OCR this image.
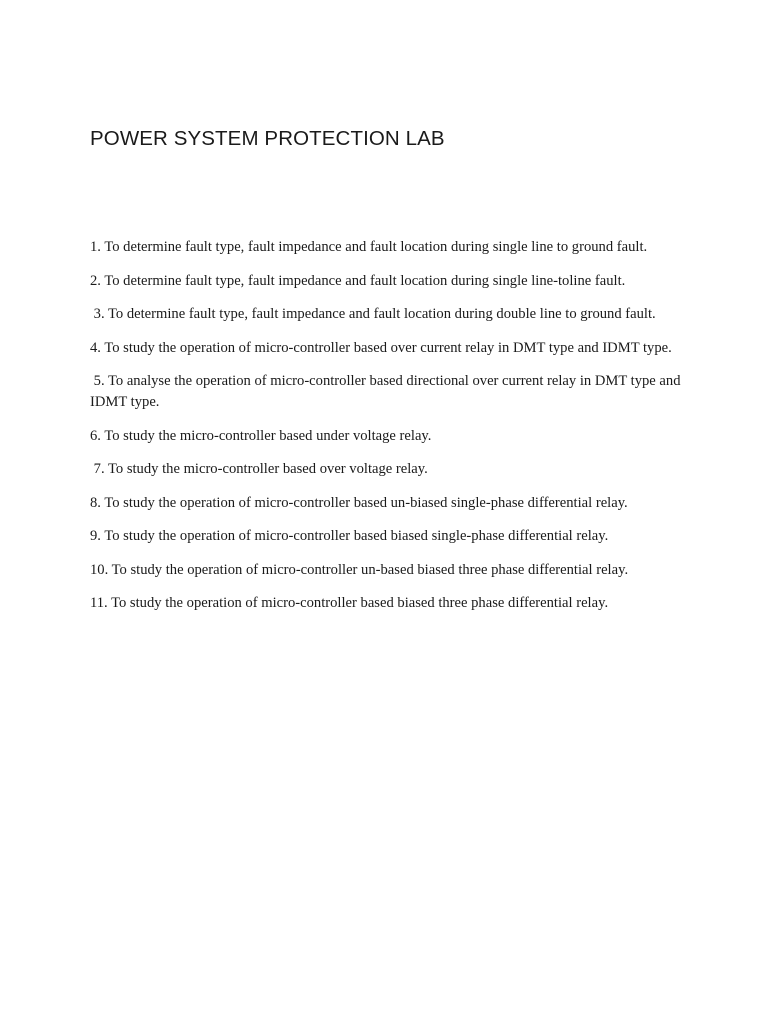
POWER SYSTEM PROTECTION LAB
1. To determine fault type, fault impedance and fault location during single line to ground fault.
2. To determine fault type, fault impedance and fault location during single line-toline fault.
3. To determine fault type, fault impedance and fault location during double line to ground fault.
4. To study the operation of micro-controller based over current relay in DMT type and IDMT type.
5. To analyse the operation of micro-controller based directional over current relay in DMT type and IDMT type.
6. To study the micro-controller based under voltage relay.
7. To study the micro-controller based over voltage relay.
8. To study the operation of micro-controller based un-biased single-phase differential relay.
9. To study the operation of micro-controller based biased single-phase differential relay.
10. To study the operation of micro-controller un-based biased three phase differential relay.
11. To study the operation of micro-controller based biased three phase differential relay.
